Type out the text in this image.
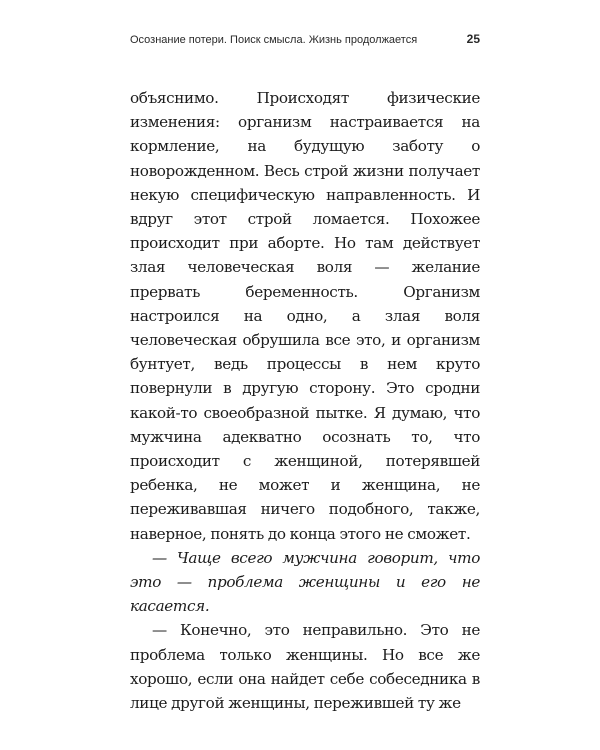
Осознание потери. Поиск смысла. Жизнь продолжается	25

объяснимо. Происходят физические изменения: организм настраивается на кормление, на будущую заботу о новорожденном. Весь строй жизни получает некую специфическую направленность. И вдруг этот строй ломается. Похожее происходит при аборте. Но там действует злая человеческая воля — желание прервать беременность. Организм настроился на одно, а злая воля человеческая обрушила все это, и организм бунтует, ведь процессы в нем круто повернули в другую сторону. Это сродни какой-то своеобразной пытке. Я думаю, что мужчина адекватно осознать то, что происходит с женщиной, потерявшей ребенка, не может и женщина, не переживавшая ничего подобного, также, наверное, понять до конца этого не сможет.

— Чаще всего мужчина говорит, что это — проблема женщины и его не касается.

— Конечно, это неправильно. Это не проблема только женщины. Но все же хорошо, если она найдет себе собеседника в лице другой женщины, пережившей ту же
